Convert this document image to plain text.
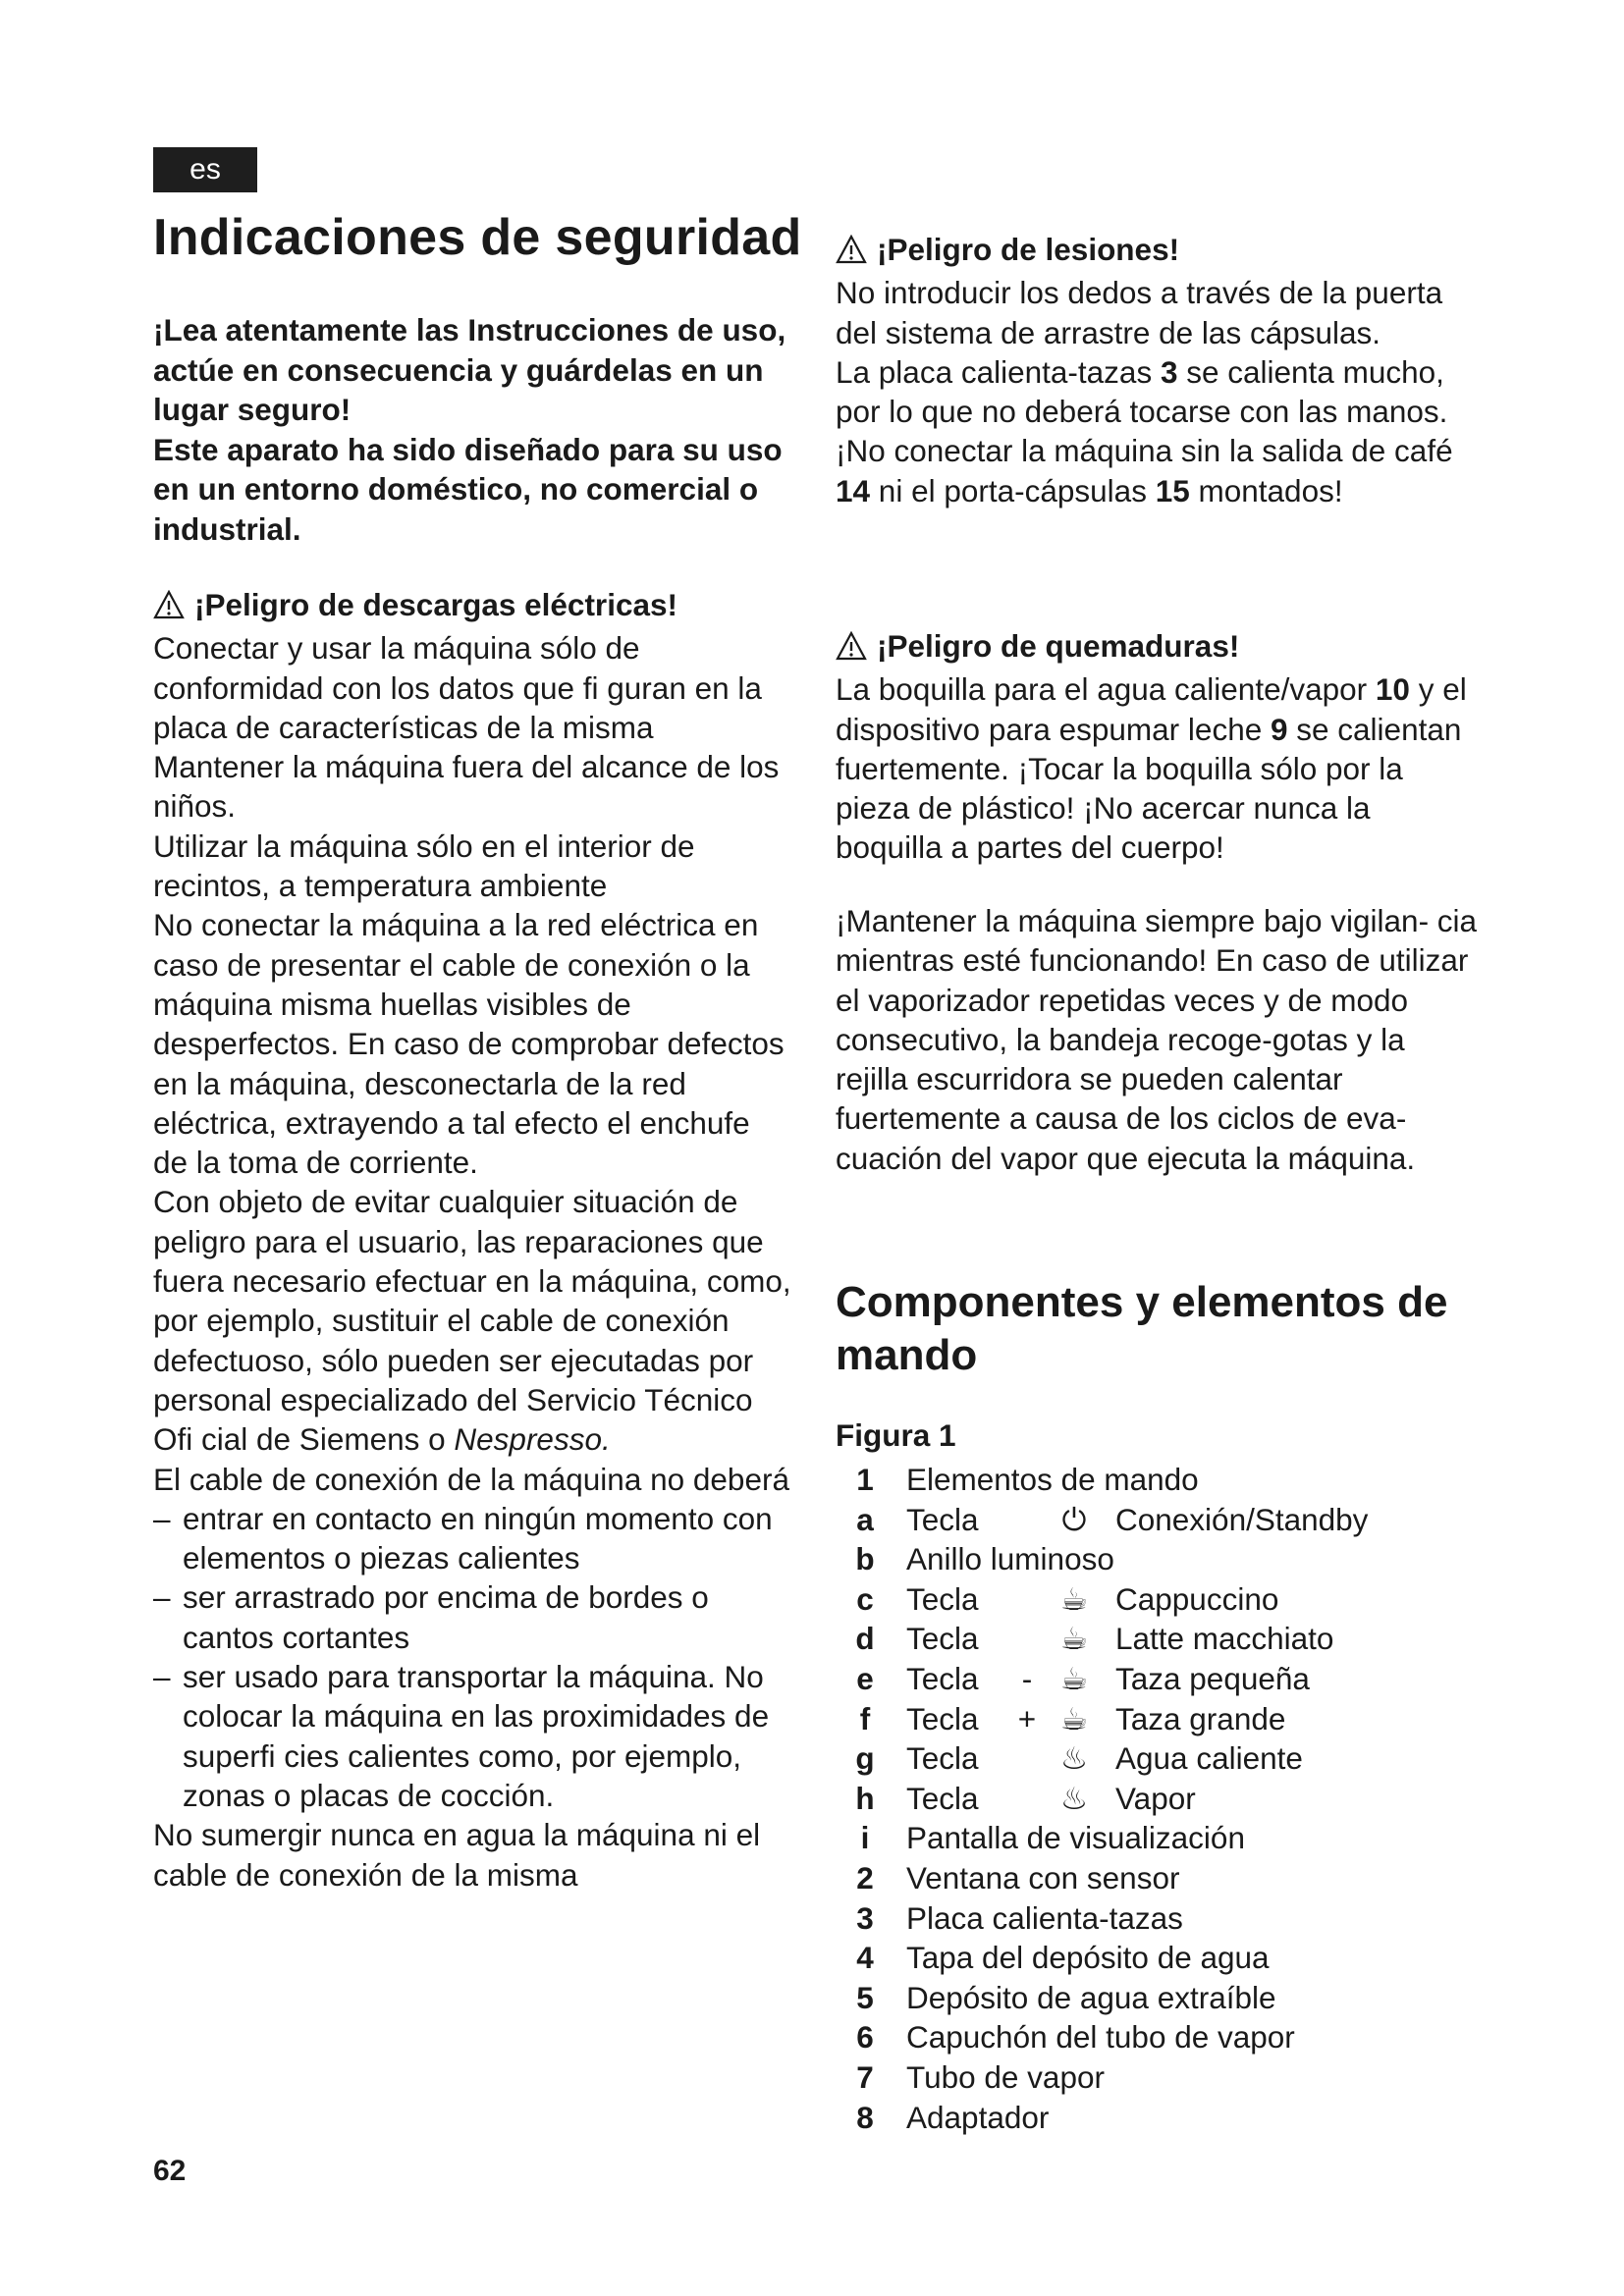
es
Indicaciones de seguridad

¡Lea atentamente las Instrucciones de uso, actúe en consecuencia y guárdelas en un lugar seguro!

Este aparato ha sido diseñado para su uso en un entorno doméstico, no comercial o industrial.

¡Peligro de descargas eléctricas!

Conectar y usar la máquina sólo de conformidad con los datos que fi guran en la placa de características de la misma

Mantener la máquina fuera del alcance de los niños.

Utilizar la máquina sólo en el interior de recintos, a temperatura ambiente

No conectar la máquina a la red eléctrica en caso de presentar el cable de conexión o la máquina misma huellas visibles de desperfectos. En caso de comprobar defectos en la máquina, desconectarla de la red eléctrica, extrayendo a tal efecto el enchufe de la toma de corriente.

Con objeto de evitar cualquier situación de peligro para el usuario, las reparaciones que fuera necesario efectuar en la máquina, como, por ejemplo, sustituir el cable de conexión defectuoso, sólo pueden ser ejecutadas por personal especializado del Servicio Técnico Ofi cial de Siemens o Nespresso.

El cable de conexión de la máquina no deberá

– entrar en contacto en ningún momento con elementos o piezas calientes
– ser arrastrado por encima de bordes o cantos cortantes
– ser usado para transportar la máquina. No colocar la máquina en las proximidades de superfi cies calientes como, por ejemplo, zonas o placas de cocción.

No sumergir nunca en agua la máquina ni el cable de conexión de la misma

¡Peligro de lesiones!

No introducir los dedos a través de la puerta del sistema de arrastre de las cápsulas.

La placa calienta-tazas 3 se calienta mucho, por lo que no deberá tocarse con las manos.

¡No conectar la máquina sin la salida de café 14 ni el porta-cápsulas 15 montados!

¡Peligro de quemaduras!

La boquilla para el agua caliente/vapor 10 y el dispositivo para espumar leche 9 se calientan fuertemente. ¡Tocar la boquilla sólo por la pieza de plástico! ¡No acercar nunca la boquilla a partes del cuerpo!

¡Mantener la máquina siempre bajo vigilan- cia mientras esté funcionando! En caso de utilizar el vaporizador repetidas veces y de modo consecutivo, la bandeja recoge-gotas y la rejilla escurridora se pueden calentar fuertemente a causa de los ciclos de eva- cuación del vapor que ejecuta la máquina.

Componentes y elementos de mando
Figura 1
1 Elementos de mando
a Tecla	⏻ Conexión/Standby
b Anillo luminoso
c Tecla	☕ Cappuccino
d Tecla	☕ Latte macchiato
e Tecla	- ☕ Taza pequeña
f	Tecla + ☕ Taza grande
g Tecla	♨ Agua caliente
h Tecla	♨ Vapor
i	Pantalla de visualización
2 Ventana con sensor
3 Placa calienta-tazas
4 Tapa del depósito de agua
5 Depósito de agua extraíble
6 Capuchón del tubo de vapor
7 Tubo de vapor
8 Adaptador
62
